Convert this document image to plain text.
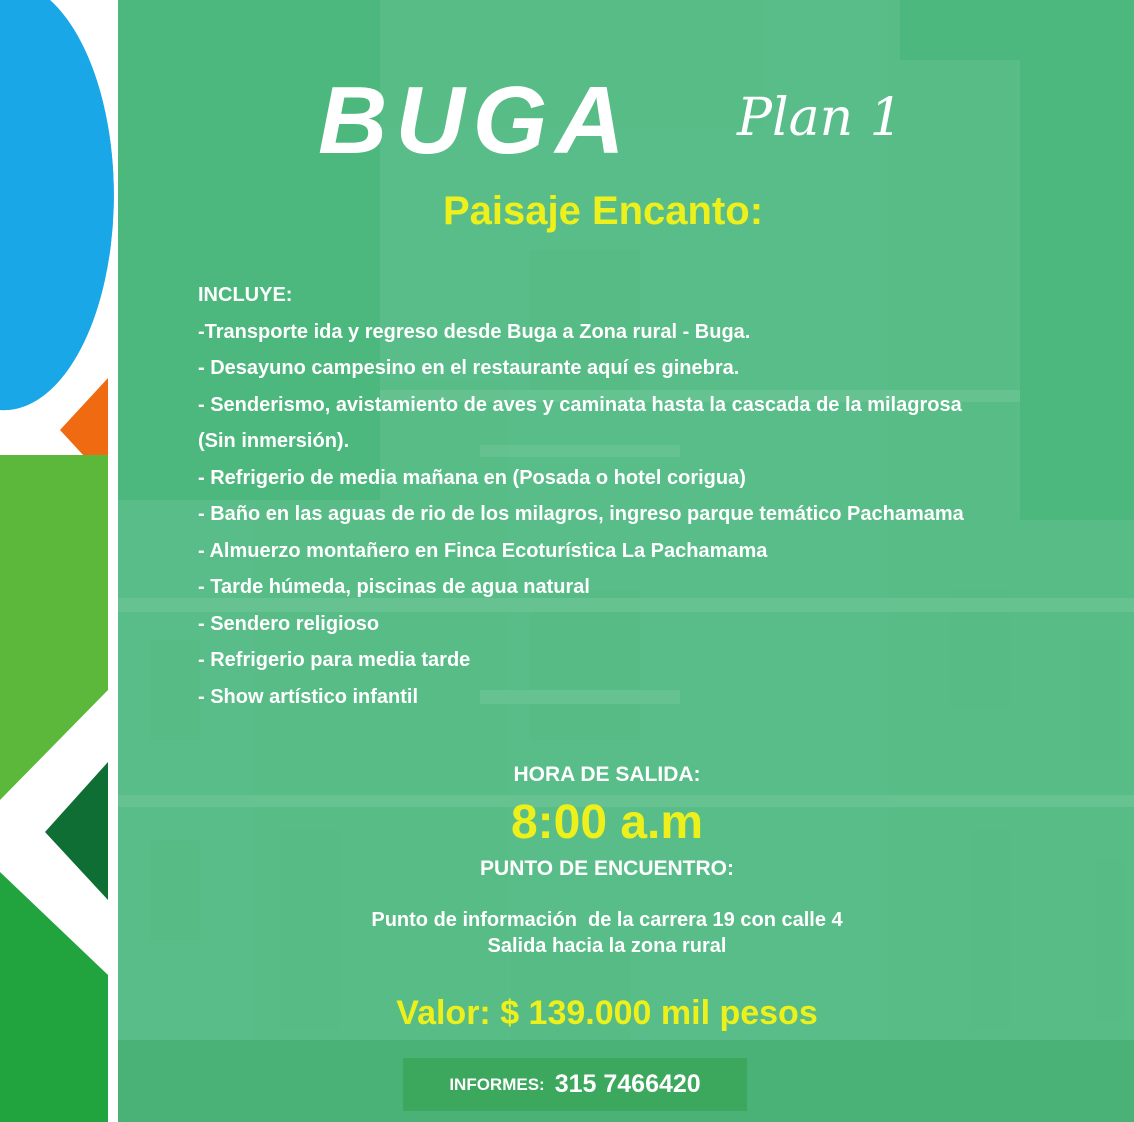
BUGA	Plan 1
Paisaje Encanto:
INCLUYE:
-Transporte ida y regreso desde Buga a Zona rural - Buga.
- Desayuno campesino en el restaurante aquí es ginebra.
- Senderismo, avistamiento de aves y caminata hasta la cascada de la milagrosa
(Sin inmersión).
- Refrigerio de media mañana en (Posada o hotel corigua)
- Baño en las aguas de rio de los milagros, ingreso parque temático Pachamama
- Almuerzo montañero en Finca Ecoturística La Pachamama
- Tarde húmeda, piscinas de agua natural
- Sendero religioso
- Refrigerio para media tarde
- Show artístico infantil
HORA DE SALIDA:
8:00 a.m
PUNTO DE ENCUENTRO:
Punto de información  de la carrera 19 con calle 4
Salida hacia la zona rural
Valor: $ 139.000 mil pesos
INFORMES: 315 7466420
